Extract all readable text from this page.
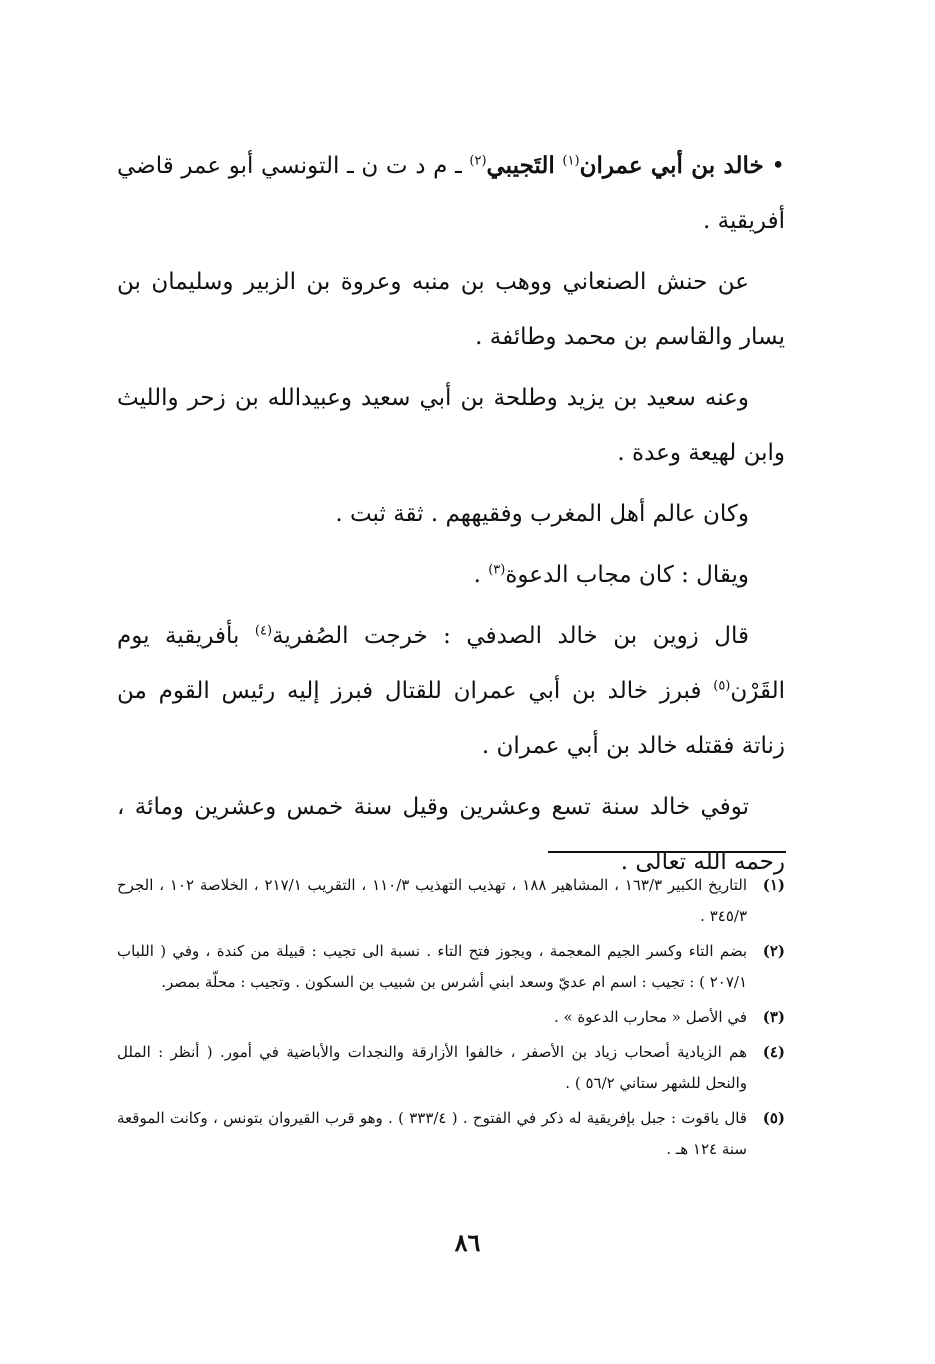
• خالد بن أبي عمران$^{(١)}$ التَجيبي$^{(٢)}$ ـ م د ت ن ـ التونسي أبو عمر قاضي أفريقية .

عن حنش الصنعاني ووهب بن منبه وعروة بن الزبير وسليمان بن يسار والقاسم بن محمد وطائفة .

وعنه سعيد بن يزيد وطلحة بن أبي سعيد وعبيدالله بن زحر والليث وابن لهيعة وعدة .

وكان عالم أهل المغرب وفقيههم . ثقة ثبت .

ويقال : كان مجاب الدعوة$^{(٣)}$ .

قال زوين بن خالد الصدفي : خرجت الصُفرية$^{(٤)}$ بأفريقية يوم القَرْن$^{(٥)}$ فبرز خالد بن أبي عمران للقتال فبرز إليه رئيس القوم من زناتة فقتله خالد بن أبي عمران .

توفي خالد سنة تسع وعشرين وقيل سنة خمس وعشرين ومائة ، رحمه الله تعالى .

(١)
التاريخ الكبير ١٦٣/٣ ، المشاهير ١٨٨ ، تهذيب التهذيب ١١٠/٣ ، التقريب ٢١٧/١ ، الخلاصة ١٠٢ ، الجرح ٣٤٥/٣ .
(٢)
بضم التاء وكسر الجيم المعجمة ، ويجوز فتح التاء . نسبة الى تجيب : قبيلة من كندة ، وفي ( اللباب ٢٠٧/١ ) : تجيب : اسم ام عديّ وسعد ابني أشرس بن شبيب بن السكون . وتجيب : محلّة بمصر.
(٣)
في الأصل « محارب الدعوة » .
(٤)
هم الزيادية أصحاب زياد بن الأصفر ، خالفوا الأزارقة والنجدات والأباضية في أمور. ( أنظر : الملل والنحل للشهر ستاني ٥٦/٢ ) .
(٥)
قال ياقوت : جبل بإفريقية له ذكر في الفتوح . ( ٣٣٣/٤ ) . وهو قرب القيروان بتونس ، وكانت الموقعة سنة ١٢٤ هـ .
٨٦
